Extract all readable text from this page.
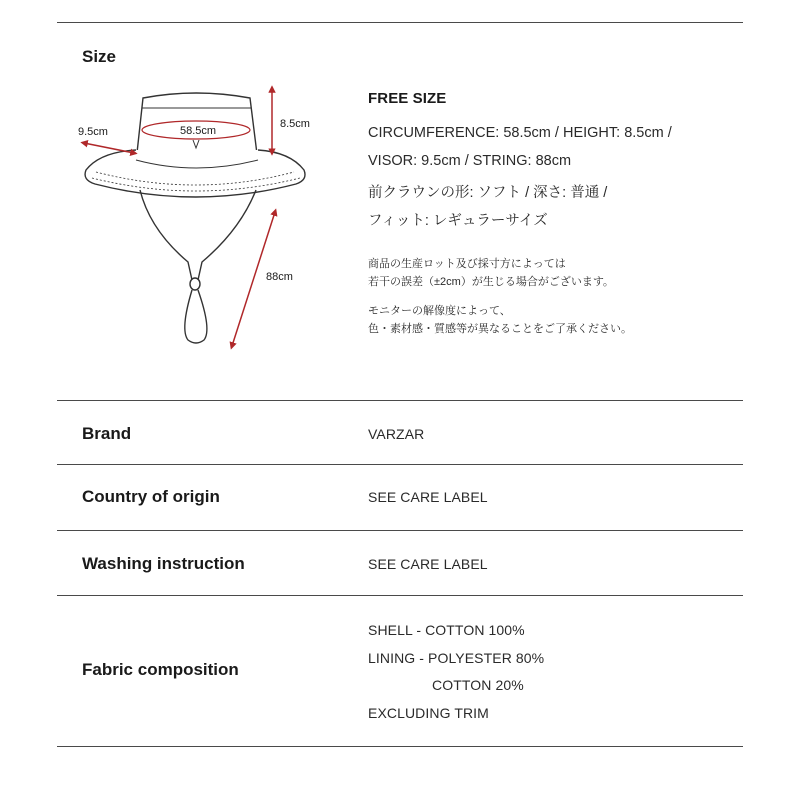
Size
9.5cm	58.5cm
8.5cm
88cm
FREE SIZE
CIRCUMFERENCE: 58.5cm / HEIGHT: 8.5cm /
VISOR: 9.5cm / STRING: 88cm
前クラウンの形: ソフト / 深さ: 普通 /
フィット: レギュラーサイズ
商品の生産ロット及び採寸方によっては
若干の誤差（±2cm）が生じる場合がございます。
モニターの解像度によって、
色・素材感・質感等が異なることをご了承ください。
Brand	VARZAR
Country of origin	SEE CARE LABEL
Washing instruction	SEE CARE LABEL
Fabric composition
SHELL - COTTON 100%
LINING - POLYESTER 80%
COTTON 20%
EXCLUDING TRIM
